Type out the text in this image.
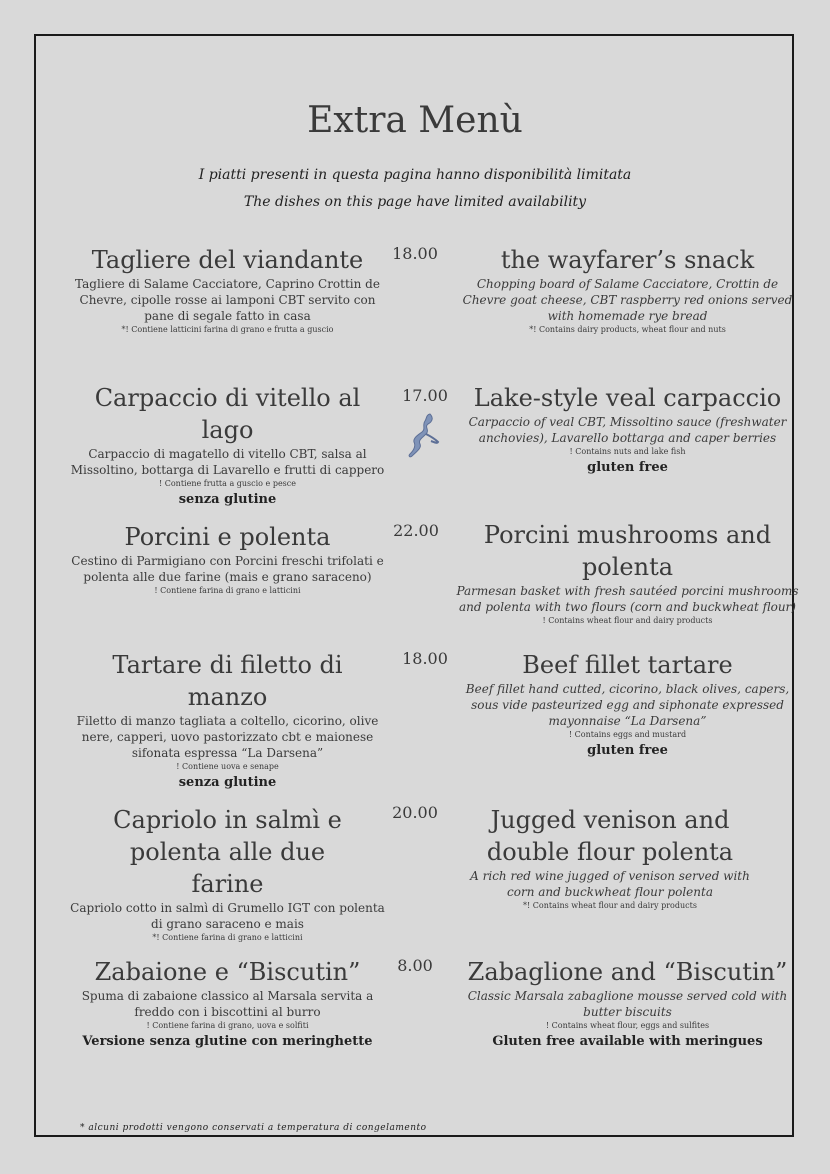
Extra Menù
I piatti presenti in questa pagina hanno disponibilità limitata
The dishes on this page have limited availability
Tagliere del viandante
Tagliere di Salame Cacciatore, Caprino Crottin de Chevre, cipolle rosse ai lamponi CBT servito con pane di segale fatto in casa
*! Contiene latticini farina di grano e frutta a guscio
18.00	the wayfarer’s snack
Chopping board of Salame Cacciatore, Crottin de Chevre goat cheese, CBT raspberry red onions served with homemade rye bread
*! Contains dairy products, wheat flour and nuts
Carpaccio di vitello al lago
Carpaccio di magatello di vitello CBT, salsa al Missoltino, bottarga di Lavarello e frutti di cappero
! Contiene frutta a guscio e pesce
senza glutine
17.00	Lake-style veal carpaccio
Carpaccio of veal CBT, Missoltino sauce (freshwater anchovies), Lavarello bottarga and caper berries
! Contains nuts and lake fish
gluten free
Porcini e polenta
Cestino di Parmigiano con Porcini freschi trifolati e polenta alle due farine (mais e grano saraceno)
! Contiene farina di grano e latticini
22.00	Porcini mushrooms and polenta
Parmesan basket with fresh sautéed porcini mushrooms and polenta with two flours (corn and buckwheat flour)
! Contains wheat flour and dairy products
Tartare di filetto di manzo
Filetto di manzo tagliata a coltello, cicorino, olive nere, capperi, uovo pastorizzato cbt e maionese sifonata espressa “La Darsena”
! Contiene uova e senape
senza glutine
18.00	Beef fillet tartare
Beef fillet hand cutted, cicorino, black olives, capers, sous vide pasteurized egg and siphonate expressed mayonnaise “La Darsena”
! Contains eggs and mustard
gluten free
Capriolo in salmì e polenta alle due farine
Capriolo cotto in salmì di Grumello IGT con polenta di grano saraceno e mais
*! Contiene farina di grano e latticini
20.00	Jugged venison and double flour polenta
A rich red wine jugged of venison served with corn and buckwheat flour polenta
*! Contains wheat flour and dairy products
Zabaione e “Biscutin”
Spuma di zabaione classico al Marsala servita a freddo con i biscottini al burro
! Contiene farina di grano, uova e solfiti
Versione senza glutine con meringhette
8.00	Zabaglione and “Biscutin”
Classic Marsala zabaglione mousse served cold with butter biscuits
! Contains wheat flour, eggs and sulfites
Gluten free available with meringues
* alcuni prodotti vengono conservati a temperatura di congelamento
